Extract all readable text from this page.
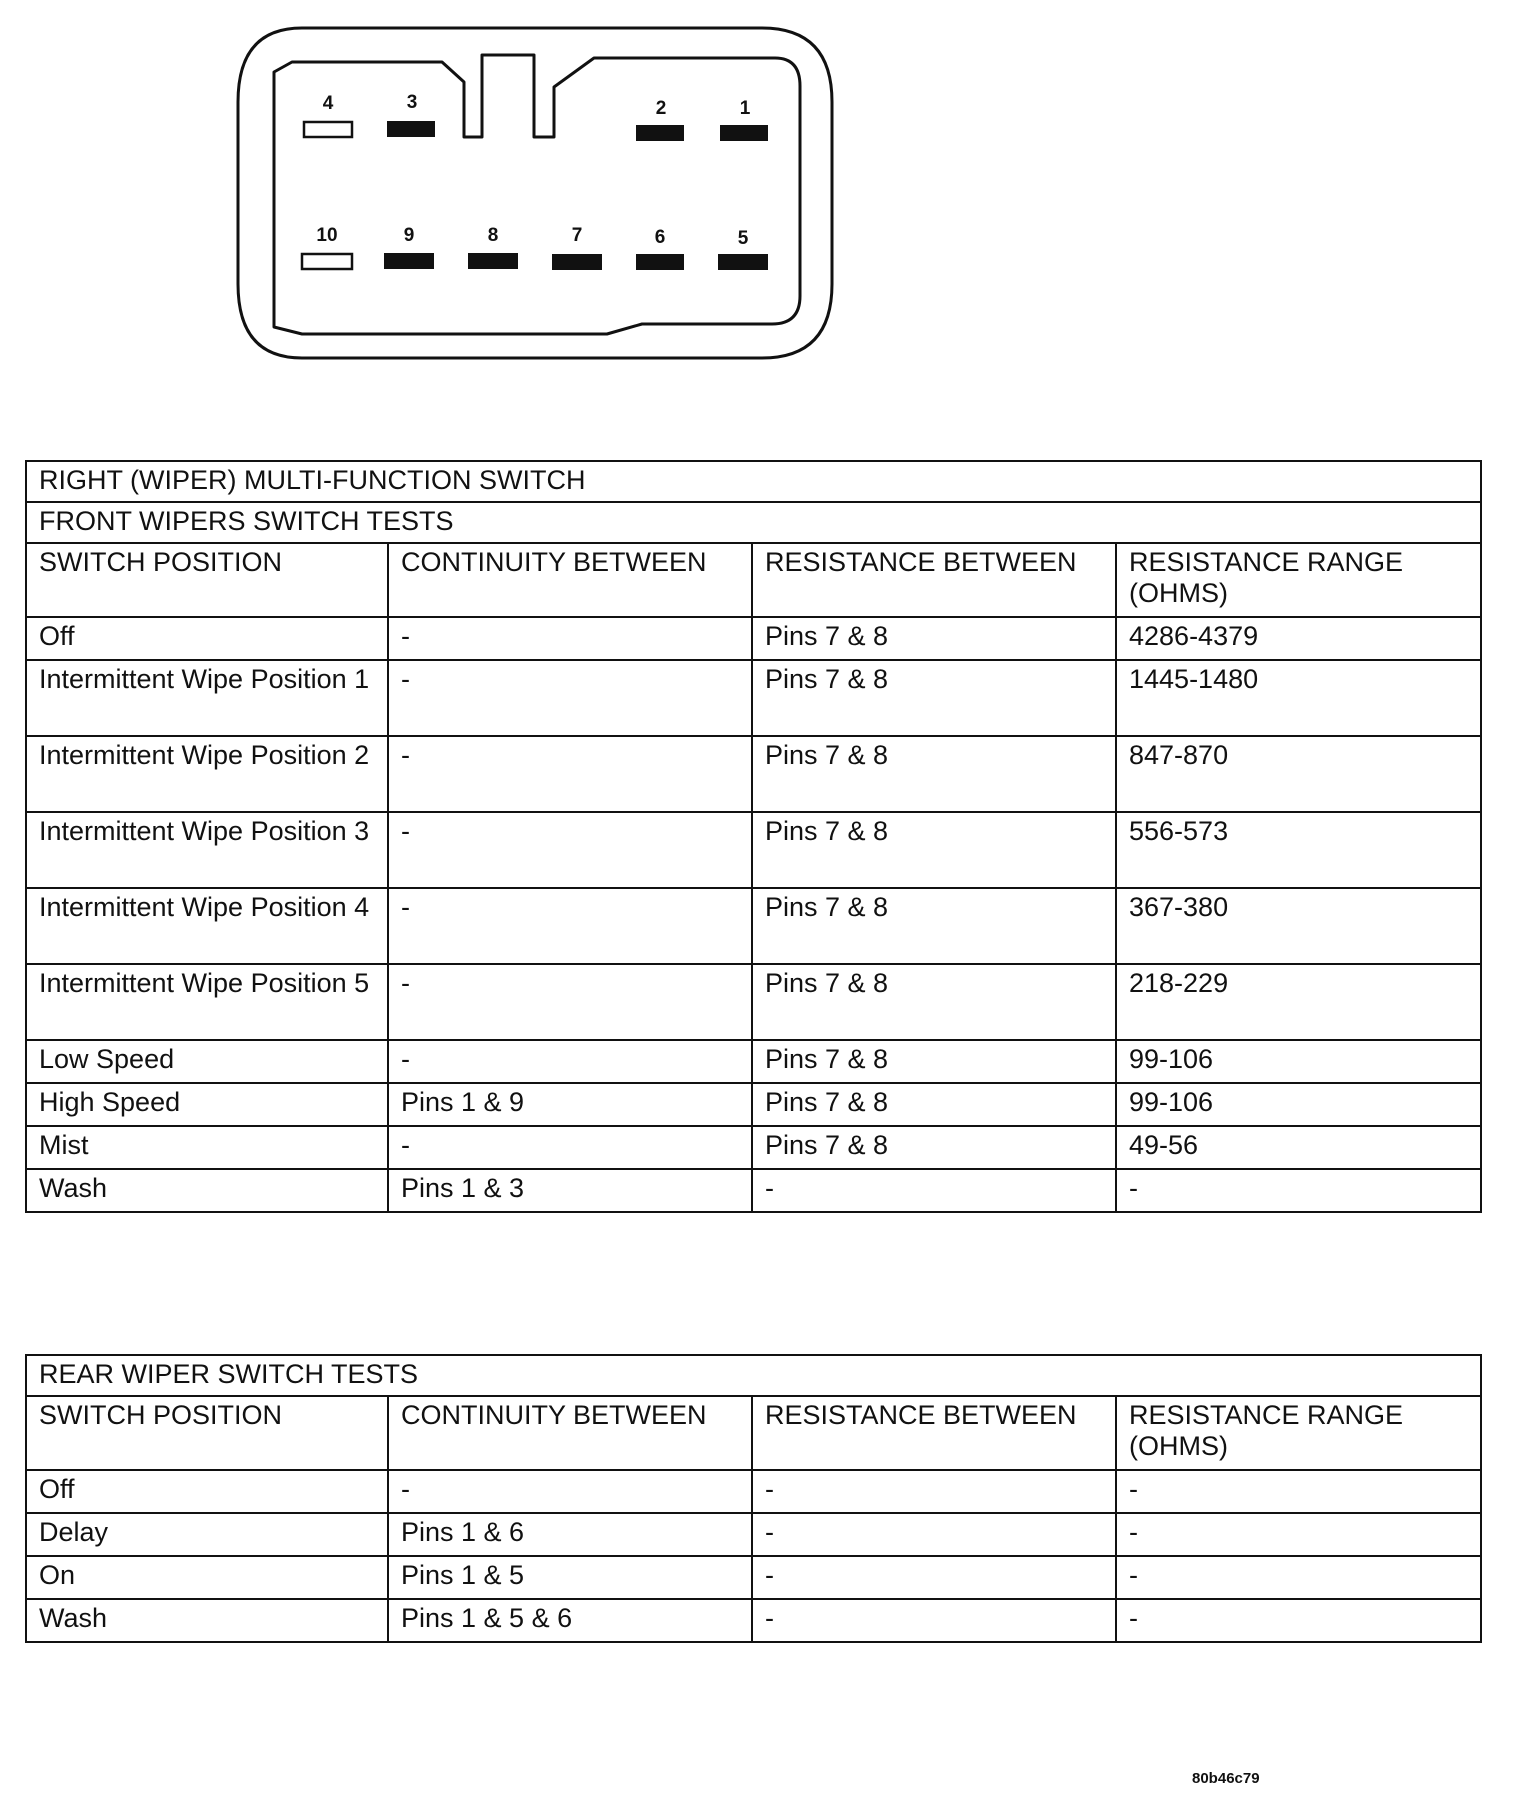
4	3	2	1
10	9	8	7	6	5
RIGHT (WIPER) MULTI-FUNCTION SWITCH			
FRONT WIPERS SWITCH TESTS			
SWITCH POSITION	CONTINUITY BETWEEN	RESISTANCE BETWEEN	RESISTANCE RANGE (OHMS)
Off	-	Pins 7 & 8	4286-4379
Intermittent Wipe Position 1	-	Pins 7 & 8	1445-1480
Intermittent Wipe Position 2	-	Pins 7 & 8	847-870
Intermittent Wipe Position 3	-	Pins 7 & 8	556-573
Intermittent Wipe Position 4	-	Pins 7 & 8	367-380
Intermittent Wipe Position 5	-	Pins 7 & 8	218-229
Low Speed	-	Pins 7 & 8	99-106
High Speed	Pins 1 & 9	Pins 7 & 8	99-106
Mist	-	Pins 7 & 8	49-56
Wash	Pins 1 & 3	-	-
REAR WIPER SWITCH TESTS			
SWITCH POSITION	CONTINUITY BETWEEN	RESISTANCE BETWEEN	RESISTANCE RANGE (OHMS)
Off	-	-	-
Delay	Pins 1 & 6	-	-
On	Pins 1 & 5	-	-
Wash	Pins 1 & 5 & 6	-	-
80b46c79
